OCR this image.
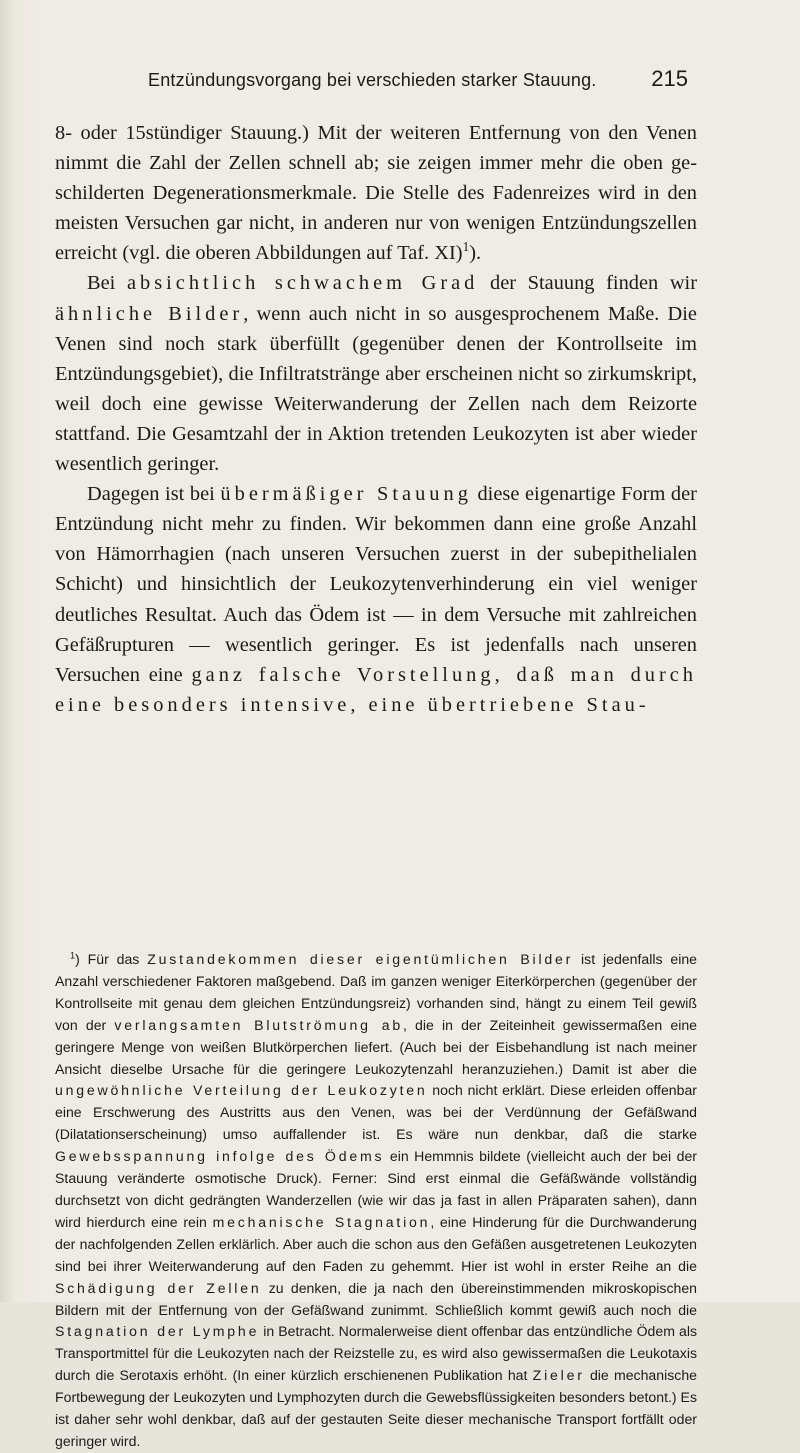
Entzündungsvorgang bei verschieden starker Stauung. 215

8- oder 15stündiger Stauung.) Mit der weiteren Entfernung von den Venen nimmt die Zahl der Zellen schnell ab; sie zeigen immer mehr die oben geschilderten Degenerationsmerkmale. Die Stelle des Fadenreizes wird in den meisten Versuchen gar nicht, in anderen nur von wenigen Entzündungszellen erreicht (vgl. die oberen Abbildungen auf Taf. XI)$^1$).

Bei absichtlich schwachem Grad der Stauung finden wir ähnliche Bilder, wenn auch nicht in so ausgesprochenem Maße. Die Venen sind noch stark überfüllt (gegenüber denen der Kontrollseite im Entzündungsgebiet), die Infiltratstränge aber erscheinen nicht so zirkumskript, weil doch eine gewisse Weiterwanderung der Zellen nach dem Reizorte stattfand. Die Gesamtzahl der in Aktion tretenden Leukozyten ist aber wieder wesentlich geringer.

Dagegen ist bei übermäßiger Stauung diese eigenartige Form der Entzündung nicht mehr zu finden. Wir bekommen dann eine große Anzahl von Hämorrhagien (nach unseren Versuchen zuerst in der subepithelialen Schicht) und hinsichtlich der Leukozytenverhinderung ein viel weniger deutliches Resultat. Auch das Ödem ist — in dem Versuche mit zahlreichen Gefäßrupturen — wesentlich geringer. Es ist jedenfalls nach unseren Versuchen eine ganz falsche Vorstellung, daß man durch eine besonders intensive, eine übertriebene Stau-

$^1$) Für das Zustandekommen dieser eigentümlichen Bilder ist jedenfalls eine Anzahl verschiedener Faktoren maßgebend. Daß im ganzen weniger Eiterkörperchen (gegenüber der Kontrollseite mit genau dem gleichen Entzündungsreiz) vorhanden sind, hängt zu einem Teil gewiß von der verlangsamten Blutströmung ab, die in der Zeiteinheit gewissermaßen eine geringere Menge von weißen Blutkörperchen liefert. (Auch bei der Eisbehandlung ist nach meiner Ansicht dieselbe Ursache für die geringere Leukozytenzahl heranzuziehen.) Damit ist aber die ungewöhnliche Verteilung der Leukozyten noch nicht erklärt. Diese erleiden offenbar eine Erschwerung des Austritts aus den Venen, was bei der Verdünnung der Gefäßwand (Dilatationserscheinung) umso auffallender ist. Es wäre nun denkbar, daß die starke Gewebsspannung infolge des Ödems ein Hemmnis bildete (vielleicht auch der bei der Stauung veränderte osmotische Druck). Ferner: Sind erst einmal die Gefäßwände vollständig durchsetzt von dicht gedrängten Wanderzellen (wie wir das ja fast in allen Präparaten sahen), dann wird hierdurch eine rein mechanische Stagnation, eine Hinderung für die Durchwanderung der nachfolgenden Zellen erklärlich. Aber auch die schon aus den Gefäßen ausgetretenen Leukozyten sind bei ihrer Weiterwanderung auf den Faden zu gehemmt. Hier ist wohl in erster Reihe an die Schädigung der Zellen zu denken, die ja nach den übereinstimmenden mikroskopischen Bildern mit der Entfernung von der Gefäßwand zunimmt. Schließlich kommt gewiß auch noch die Stagnation der Lymphe in Betracht. Normalerweise dient offenbar das entzündliche Ödem als Transportmittel für die Leukozyten nach der Reizstelle zu, es wird also gewissermaßen die Leukotaxis durch die Serotaxis erhöht. (In einer kürzlich erschienenen Publikation hat Zieler die mechanische Fortbewegung der Leukozyten und Lymphozyten durch die Gewebsflüssigkeiten besonders betont.) Es ist daher sehr wohl denkbar, daß auf der gestauten Seite dieser mechanische Transport fortfällt oder geringer wird.
